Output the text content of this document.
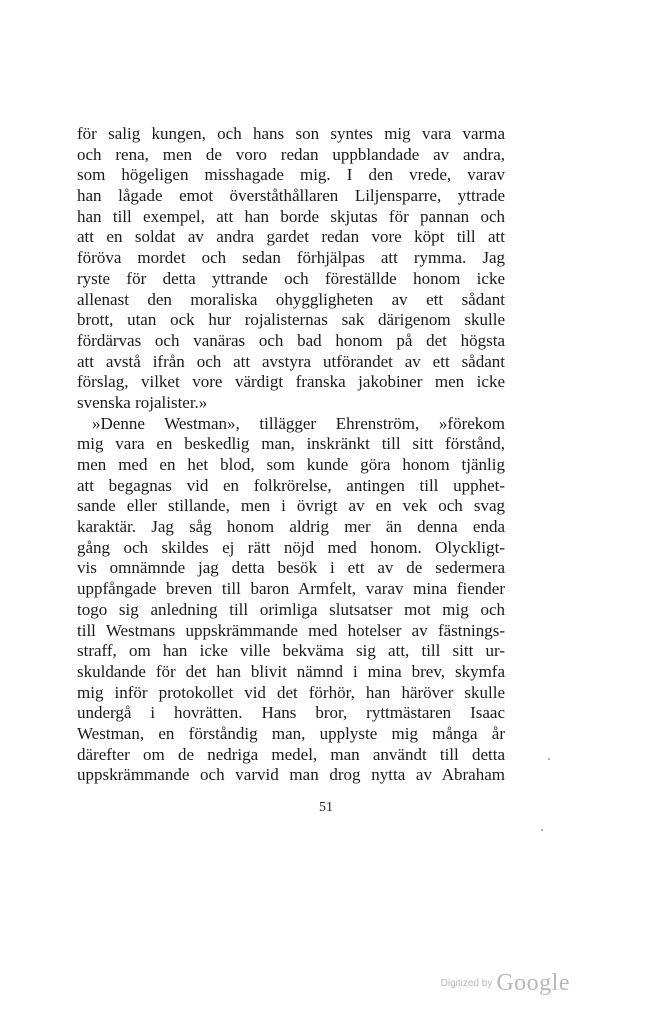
för salig kungen, och hans son syntes mig vara varma
och rena, men de voro redan uppblandade av andra,
som högeligen misshagade mig. I den vrede, varav
han lågade emot överståthållaren Liljensparre, yttrade
han till exempel, att han borde skjutas för pannan och
att en soldat av andra gardet redan vore köpt till att
föröva mordet och sedan förhjälpas att rymma. Jag
ryste för detta yttrande och föreställde honom icke
allenast den moraliska ohyggligheten av ett sådant
brott, utan ock hur rojalisternas sak därigenom skulle
fördärvas och vanäras och bad honom på det högsta
att avstå ifrån och att avstyra utförandet av ett sådant
förslag, vilket vore värdigt franska jakobiner men icke
svenska rojalister.»
»Denne Westman», tillägger Ehrenström, »förekom
mig vara en beskedlig man, inskränkt till sitt förstånd,
men med en het blod, som kunde göra honom tjänlig
att begagnas vid en folkrörelse, antingen till upphet-
sande eller stillande, men i övrigt av en vek och svag
karaktär. Jag såg honom aldrig mer än denna enda
gång och skildes ej rätt nöjd med honom. Olyckligt-
vis omnämnde jag detta besök i ett av de sedermera
uppfångade breven till baron Armfelt, varav mina fiender
togo sig anledning till orimliga slutsatser mot mig och
till Westmans uppskrämmande med hotelser av fästnings-
straff, om han icke ville bekväma sig att, till sitt ur-
skuldande för det han blivit nämnd i mina brev, skymfa
mig inför protokollet vid det förhör, han häröver skulle
undergå i hovrätten. Hans bror, ryttmästaren Isaac
Westman, en förståndig man, upplyste mig många år
därefter om de nedriga medel, man användt till detta
uppskrämmande och varvid man drog nytta av Abraham
51
Digitized by Google
